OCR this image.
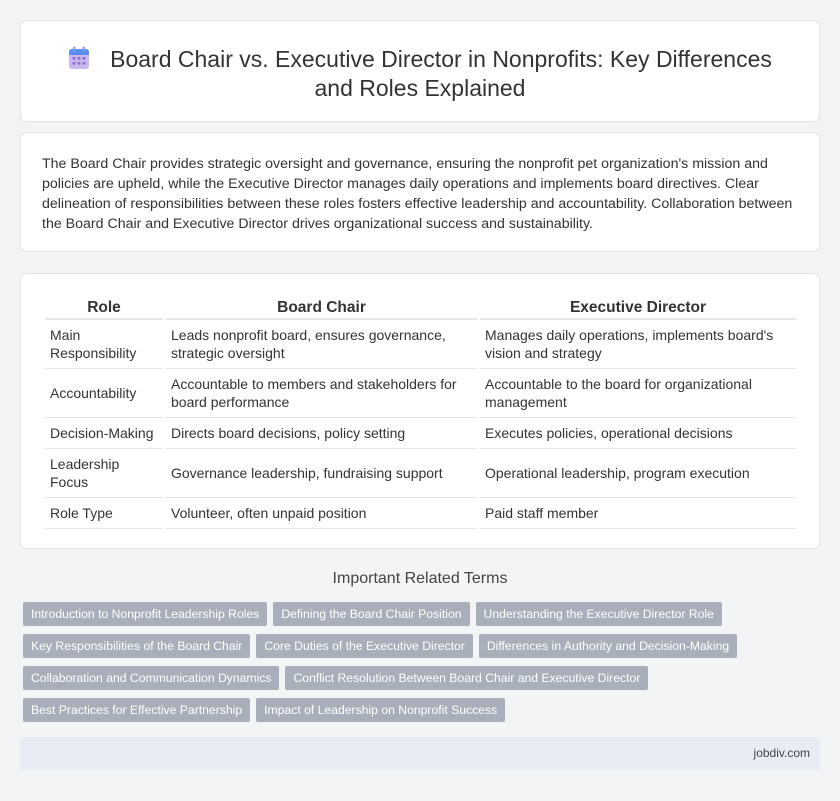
Board Chair vs. Executive Director in Nonprofits: Key Differences and Roles Explained

The Board Chair provides strategic oversight and governance, ensuring the nonprofit pet organization's mission and policies are upheld, while the Executive Director manages daily operations and implements board directives. Clear delineation of responsibilities between these roles fosters effective leadership and accountability. Collaboration between the Board Chair and Executive Director drives organizational success and sustainability.

Role	Board Chair	Executive Director
Main Responsibility	Leads nonprofit board, ensures governance, strategic oversight	Manages daily operations, implements board's vision and strategy
Accountability	Accountable to members and stakeholders for board performance	Accountable to the board for organizational management
Decision-Making	Directs board decisions, policy setting	Executes policies, operational decisions
Leadership Focus	Governance leadership, fundraising support	Operational leadership, program execution
Role Type	Volunteer, often unpaid position	Paid staff member
Important Related Terms
Introduction to Nonprofit Leadership Roles	Defining the Board Chair Position	Understanding the Executive Director Role
Key Responsibilities of the Board Chair	Core Duties of the Executive Director	Differences in Authority and Decision-Making
Collaboration and Communication Dynamics	Conflict Resolution Between Board Chair and Executive Director
Best Practices for Effective Partnership	Impact of Leadership on Nonprofit Success
jobdiv.com
